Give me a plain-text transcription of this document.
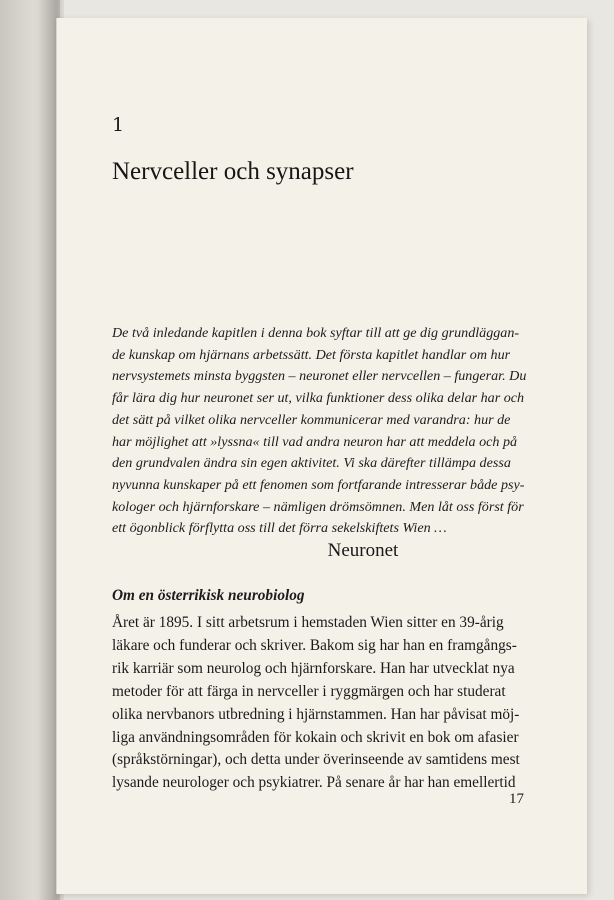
1
Nervceller och synapser

De två inledande kapitlen i denna bok syftar till att ge dig grundläggan-
de kunskap om hjärnans arbetssätt. Det första kapitlet handlar om hur
nervsystemets minsta byggsten – neuronet eller nervcellen – fungerar. Du
får lära dig hur neuronet ser ut, vilka funktioner dess olika delar har och
det sätt på vilket olika nervceller kommunicerar med varandra: hur de
har möjlighet att »lyssna« till vad andra neuron har att meddela och på
den grundvalen ändra sin egen aktivitet. Vi ska därefter tillämpa dessa
nyvunna kunskaper på ett fenomen som fortfarande intresserar både psy-
kologer och hjärnforskare – nämligen drömsömnen. Men låt oss först för
ett ögonblick förflytta oss till det förra sekelskiftets Wien …

Neuronet
Om en österrikisk neurobiolog

Året är 1895. I sitt arbetsrum i hemstaden Wien sitter en 39-årig
läkare och funderar och skriver. Bakom sig har han en framgångs-
rik karriär som neurolog och hjärnforskare. Han har utvecklat nya
metoder för att färga in nervceller i ryggmärgen och har studerat
olika nervbanors utbredning i hjärnstammen. Han har påvisat möj-
liga användningsområden för kokain och skrivit en bok om afasier
(språkstörningar), och detta under överinseende av samtidens mest
lysande neurologer och psykiatrer. På senare år har han emellertid

17
